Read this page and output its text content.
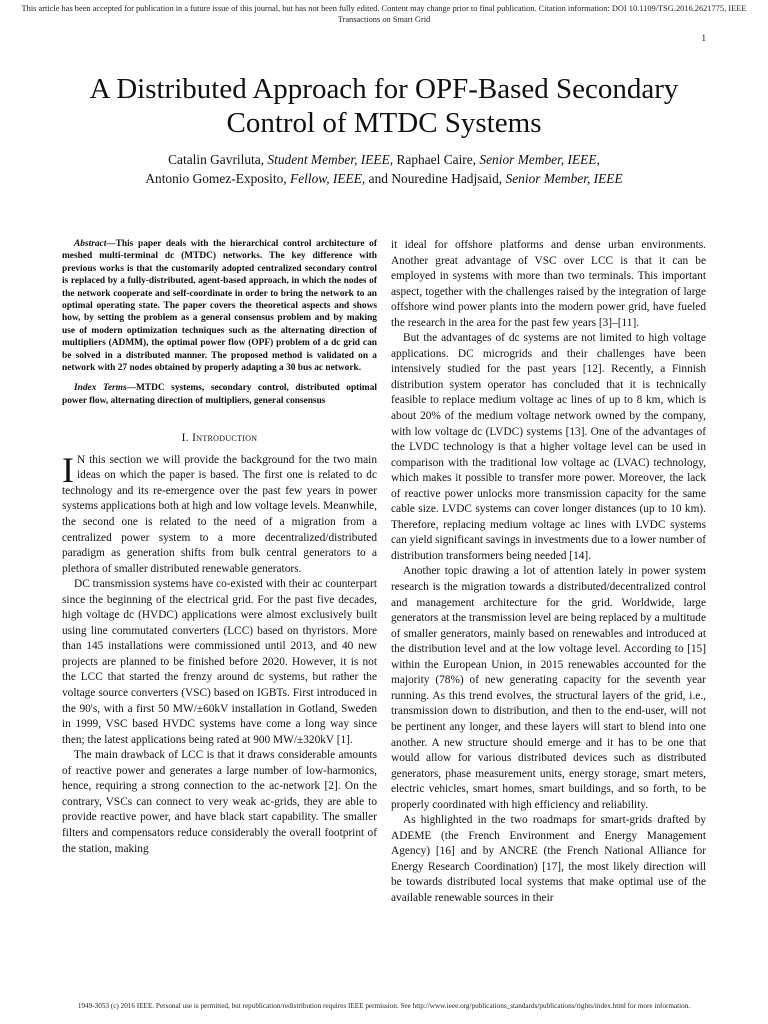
This article has been accepted for publication in a future issue of this journal, but has not been fully edited. Content may change prior to final publication. Citation information: DOI 10.1109/TSG.2016.2621775, IEEE
Transactions on Smart Grid
1
A Distributed Approach for OPF-Based Secondary
Control of MTDC Systems
Catalin Gavriluta, Student Member, IEEE, Raphael Caire, Senior Member, IEEE,
Antonio Gomez-Exposito, Fellow, IEEE, and Nouredine Hadjsaid, Senior Member, IEEE

Abstract—This paper deals with the hierarchical control architecture of meshed multi-terminal dc (MTDC) networks. The key difference with previous works is that the customarily adopted centralized secondary control is replaced by a fully-distributed, agent-based approach, in which the nodes of the network cooperate and self-coordinate in order to bring the network to an optimal operating state. The paper covers the theoretical aspects and shows how, by setting the problem as a general consensus problem and by making use of modern optimization techniques such as the alternating direction of multipliers (ADMM), the optimal power flow (OPF) problem of a dc grid can be solved in a distributed manner. The proposed method is validated on a network with 27 nodes obtained by properly adapting a 30 bus ac network.

Index Terms—MTDC systems, secondary control, distributed optimal power flow, alternating direction of multipliers, general consensus

I. Introduction

I N this section we will provide the background for the two main ideas on which the paper is based. The first one is related to dc technology and its re-emergence over the past few years in power systems applications both at high and low voltage levels. Meanwhile, the second one is related to the need of a migration from a centralized power system to a more decentralized/distributed paradigm as generation shifts from bulk central generators to a plethora of smaller distributed renewable generators.

DC transmission systems have co-existed with their ac counterpart since the beginning of the electrical grid. For the past five decades, high voltage dc (HVDC) applications were almost exclusively built using line commutated converters (LCC) based on thyristors. More than 145 installations were commissioned until 2013, and 40 new projects are planned to be finished before 2020. However, it is not the LCC that started the frenzy around dc systems, but rather the voltage source converters (VSC) based on IGBTs. First introduced in the 90's, with a first 50 MW/±60kV installation in Gotland, Sweden in 1999, VSC based HVDC systems have come a long way since then; the latest applications being rated at 900 MW/±320kV [1].

The main drawback of LCC is that it draws considerable amounts of reactive power and generates a large number of low-harmonics, hence, requiring a strong connection to the ac-network [2]. On the contrary, VSCs can connect to very weak ac-grids, they are able to provide reactive power, and have black start capability. The smaller filters and compensators reduce considerably the overall footprint of the station, making

it ideal for offshore platforms and dense urban environments. Another great advantage of VSC over LCC is that it can be employed in systems with more than two terminals. This important aspect, together with the challenges raised by the integration of large offshore wind power plants into the modern power grid, have fueled the research in the area for the past few years [3]–[11].

But the advantages of dc systems are not limited to high voltage applications. DC microgrids and their challenges have been intensively studied for the past years [12]. Recently, a Finnish distribution system operator has concluded that it is technically feasible to replace medium voltage ac lines of up to 8 km, which is about 20% of the medium voltage network owned by the company, with low voltage dc (LVDC) systems [13]. One of the advantages of the LVDC technology is that a higher voltage level can be used in comparison with the traditional low voltage ac (LVAC) technology, which makes it possible to transfer more power. Moreover, the lack of reactive power unlocks more transmission capacity for the same cable size. LVDC systems can cover longer distances (up to 10 km). Therefore, replacing medium voltage ac lines with LVDC systems can yield significant savings in investments due to a lower number of distribution transformers being needed [14].

Another topic drawing a lot of attention lately in power system research is the migration towards a distributed/decentralized control and management architecture for the grid. Worldwide, large generators at the transmission level are being replaced by a multitude of smaller generators, mainly based on renewables and introduced at the distribution level and at the low voltage level. According to [15] within the European Union, in 2015 renewables accounted for the majority (78%) of new generating capacity for the seventh year running. As this trend evolves, the structural layers of the grid, i.e., transmission down to distribution, and then to the end-user, will not be pertinent any longer, and these layers will start to blend into one another. A new structure should emerge and it has to be one that would allow for various distributed devices such as distributed generators, phase measurement units, energy storage, smart meters, electric vehicles, smart homes, smart buildings, and so forth, to be properly coordinated with high efficiency and reliability.

As highlighted in the two roadmaps for smart-grids drafted by ADEME (the French Environment and Energy Management Agency) [16] and by ANCRE (the French National Alliance for Energy Research Coordination) [17], the most likely direction will be towards distributed local systems that make optimal use of the available renewable sources in their

1949-3053 (c) 2016 IEEE. Personal use is permitted, but republication/redistribution requires IEEE permission. See http://www.ieee.org/publications_standards/publications/rights/index.html for more information.
